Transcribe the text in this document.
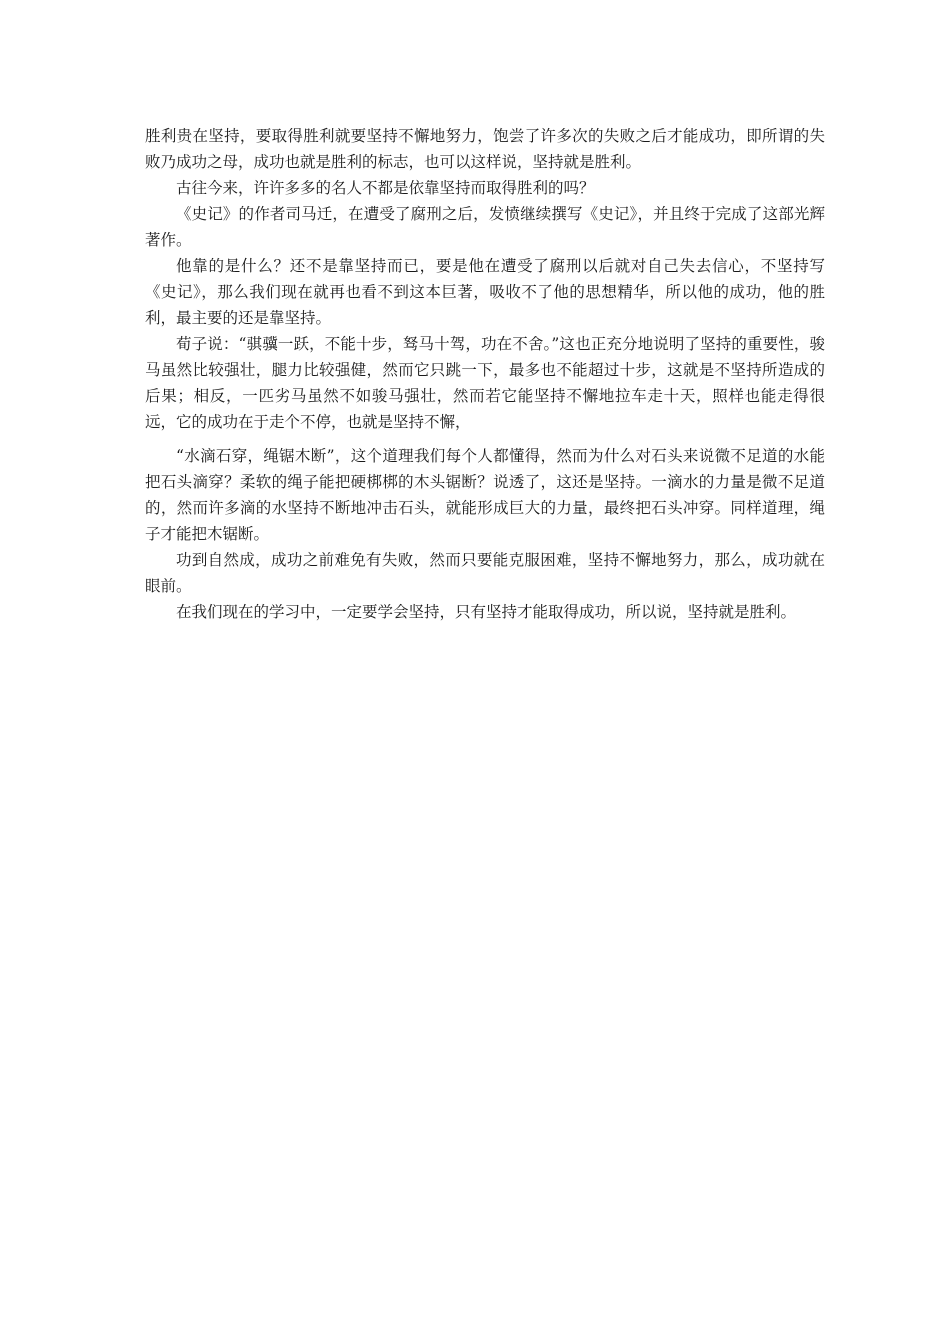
胜利贵在坚持，要取得胜利就要坚持不懈地努力，饱尝了许多次的失败之后才能成功，即所谓的失败乃成功之母，成功也就是胜利的标志，也可以这样说，坚持就是胜利。

古往今来，许许多多的名人不都是依靠坚持而取得胜利的吗？

《史记》的作者司马迁，在遭受了腐刑之后，发愤继续撰写《史记》，并且终于完成了这部光辉著作。

他靠的是什么？还不是靠坚持而已，要是他在遭受了腐刑以后就对自己失去信心，不坚持写《史记》，那么我们现在就再也看不到这本巨著，吸收不了他的思想精华，所以他的成功，他的胜利，最主要的还是靠坚持。

荀子说：“骐骥一跃，不能十步，驽马十驾，功在不舍。”这也正充分地说明了坚持的重要性，骏马虽然比较强壮，腿力比较强健，然而它只跳一下，最多也不能超过十步，这就是不坚持所造成的后果；相反，一匹劣马虽然不如骏马强壮，然而若它能坚持不懈地拉车走十天，照样也能走得很远，它的成功在于走个不停，也就是坚持不懈，

“水滴石穿，绳锯木断”，这个道理我们每个人都懂得，然而为什么对石头来说微不足道的水能把石头滴穿？柔软的绳子能把硬梆梆的木头锯断？说透了，这还是坚持。一滴水的力量是微不足道的，然而许多滴的水坚持不断地冲击石头，就能形成巨大的力量，最终把石头冲穿。同样道理，绳子才能把木锯断。

功到自然成，成功之前难免有失败，然而只要能克服困难，坚持不懈地努力，那么，成功就在眼前。

在我们现在的学习中，一定要学会坚持，只有坚持才能取得成功，所以说，坚持就是胜利。
